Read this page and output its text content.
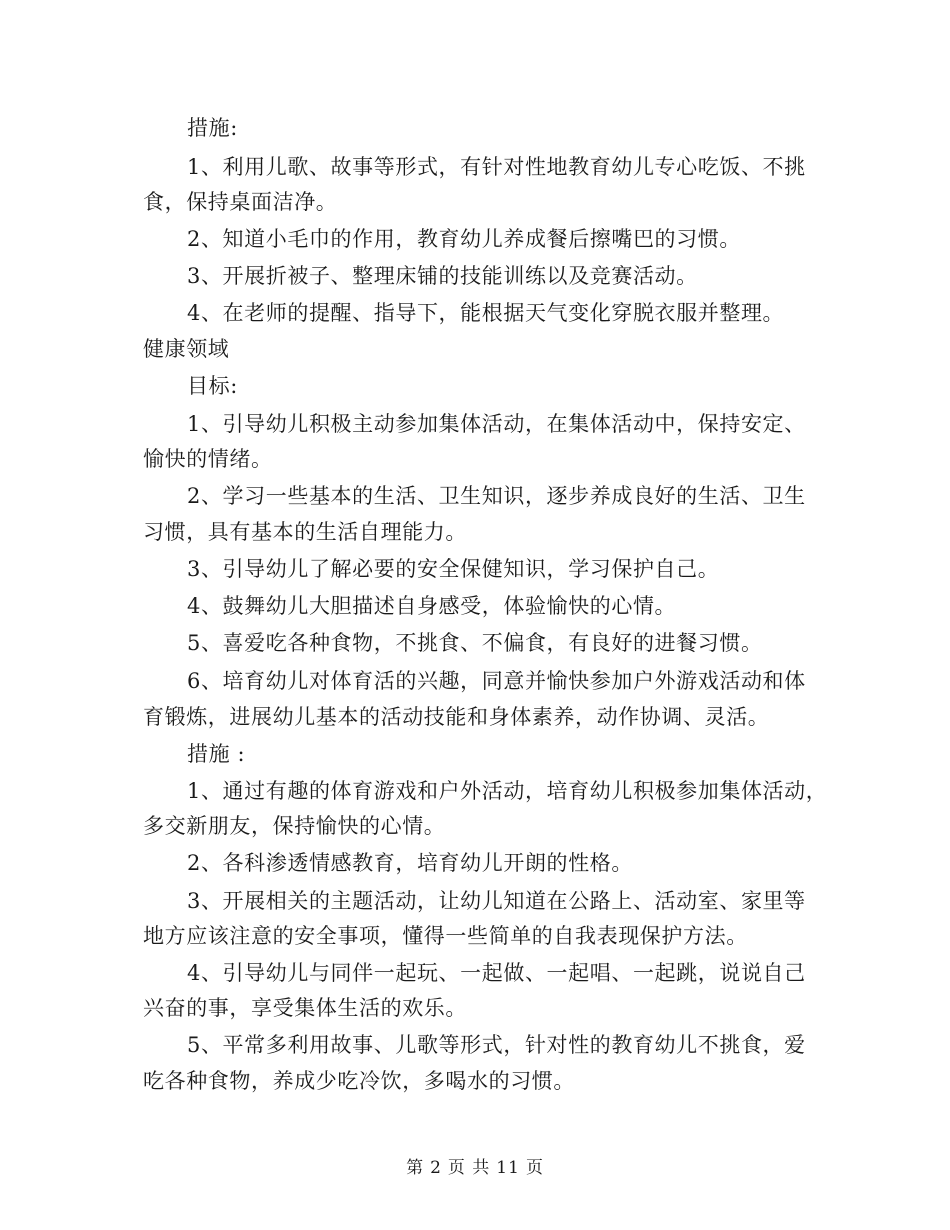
措施:
1、利用儿歌、故事等形式，有针对性地教育幼儿专心吃饭、不挑
食，保持桌面洁净。
2、知道小毛巾的作用，教育幼儿养成餐后擦嘴巴的习惯。
3、开展折被子、整理床铺的技能训练以及竞赛活动。
4、在老师的提醒、指导下，能根据天气变化穿脱衣服并整理。
健康领域
目标:
1、引导幼儿积极主动参加集体活动，在集体活动中，保持安定、
愉快的情绪。
2、学习一些基本的生活、卫生知识，逐步养成良好的生活、卫生
习惯，具有基本的生活自理能力。
3、引导幼儿了解必要的安全保健知识，学习保护自己。
4、鼓舞幼儿大胆描述自身感受，体验愉快的心情。
5、喜爱吃各种食物，不挑食、不偏食，有良好的进餐习惯。
6、培育幼儿对体育活的兴趣，同意并愉快参加户外游戏活动和体
育锻炼，进展幼儿基本的活动技能和身体素养，动作协调、灵活。
措施 :
1、通过有趣的体育游戏和户外活动，培育幼儿积极参加集体活动，
多交新朋友，保持愉快的心情。
2、各科渗透情感教育，培育幼儿开朗的性格。
3、开展相关的主题活动，让幼儿知道在公路上、活动室、家里等
地方应该注意的安全事项，懂得一些简单的自我表现保护方法。
4、引导幼儿与同伴一起玩、一起做、一起唱、一起跳，说说自己
兴奋的事，享受集体生活的欢乐。
5、平常多利用故事、儿歌等形式，针对性的教育幼儿不挑食，爱
吃各种食物，养成少吃冷饮，多喝水的习惯。
第 2 页 共 11 页
